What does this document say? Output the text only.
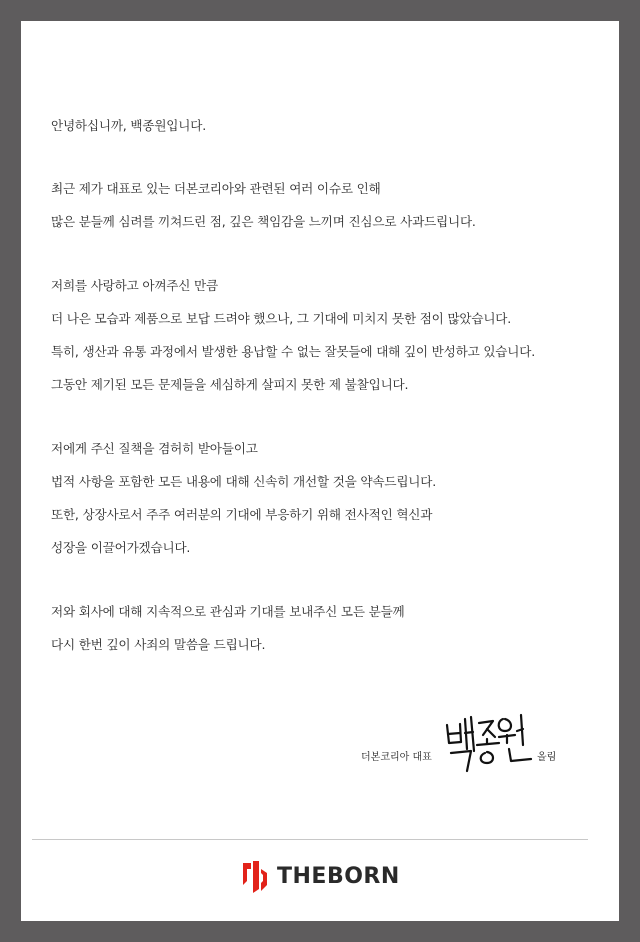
안녕하십니까, 백종원입니다.
최근 제가 대표로 있는 더본코리아와 관련된 여러 이슈로 인해
많은 분들께 심려를 끼쳐드린 점, 깊은 책임감을 느끼며 진심으로 사과드립니다.
저희를 사랑하고 아껴주신 만큼
더 나은 모습과 제품으로 보답 드려야 했으나, 그 기대에 미치지 못한 점이 많았습니다.
특히, 생산과 유통 과정에서 발생한 용납할 수 없는 잘못들에 대해 깊이 반성하고 있습니다.
그동안 제기된 모든 문제들을 세심하게 살피지 못한 제 불찰입니다.
저에게 주신 질책을 겸허히 받아들이고
법적 사항을 포함한 모든 내용에 대해 신속히 개선할 것을 약속드립니다.
또한, 상장사로서 주주 여러분의 기대에 부응하기 위해 전사적인 혁신과
성장을 이끌어가겠습니다.
저와 회사에 대해 지속적으로 관심과 기대를 보내주신 모든 분들께
다시 한번 깊이 사죄의 말씀을 드립니다.
더본코리아 대표	올림
THEBORN
